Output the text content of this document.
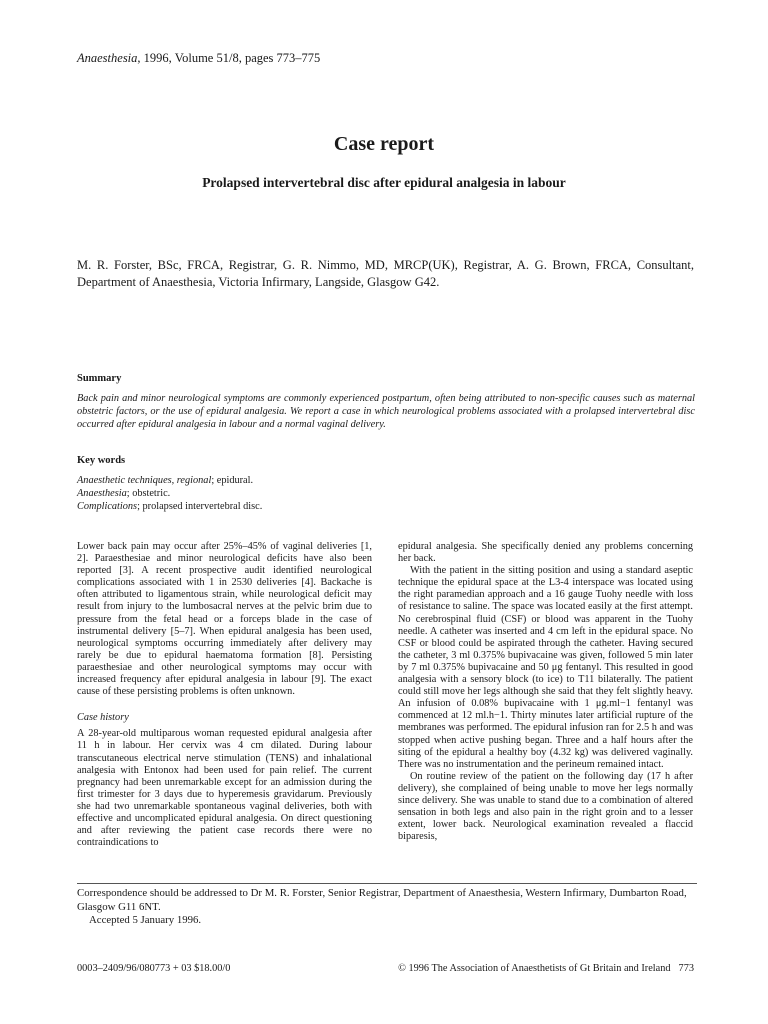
Anaesthesia, 1996, Volume 51/8, pages 773–775
Case report
Prolapsed intervertebral disc after epidural analgesia in labour
M. R. Forster, BSc, FRCA, Registrar, G. R. Nimmo, MD, MRCP(UK), Registrar, A. G. Brown, FRCA, Consultant, Department of Anaesthesia, Victoria Infirmary, Langside, Glasgow G42.
Summary
Back pain and minor neurological symptoms are commonly experienced postpartum, often being attributed to non-specific causes such as maternal obstetric factors, or the use of epidural analgesia. We report a case in which neurological problems associated with a prolapsed intervertebral disc occurred after epidural analgesia in labour and a normal vaginal delivery.
Key words
Anaesthetic techniques, regional; epidural.
Anaesthesia; obstetric.
Complications; prolapsed intervertebral disc.

Lower back pain may occur after 25%–45% of vaginal deliveries [1, 2]. Paraesthesiae and minor neurological deficits have also been reported [3]. A recent prospective audit identified neurological complications associated with 1 in 2530 deliveries [4]. Backache is often attributed to ligamentous strain, while neurological deficit may result from injury to the lumbosacral nerves at the pelvic brim due to pressure from the fetal head or a forceps blade in the case of instrumental delivery [5–7]. When epidural analgesia has been used, neurological symptoms occurring immediately after delivery may rarely be due to epidural haematoma formation [8]. Persisting paraesthesiae and other neurological symptoms may occur with increased frequency after epidural analgesia in labour [9]. The exact cause of these persisting problems is often unknown.

Case history

A 28-year-old multiparous woman requested epidural analgesia after 11 h in labour. Her cervix was 4 cm dilated. During labour transcutaneous electrical nerve stimulation (TENS) and inhalational analgesia with Entonox had been used for pain relief. The current pregnancy had been unremarkable except for an admission during the first trimester for 3 days due to hyperemesis gravidarum. Previously she had two unremarkable spontaneous vaginal deliveries, both with effective and uncomplicated epidural analgesia. On direct questioning and after reviewing the patient case records there were no contraindications to

epidural analgesia. She specifically denied any problems concerning her back.

With the patient in the sitting position and using a standard aseptic technique the epidural space at the L3-4 interspace was located using the right paramedian approach and a 16 gauge Tuohy needle with loss of resistance to saline. The space was located easily at the first attempt. No cerebrospinal fluid (CSF) or blood was apparent in the Tuohy needle. A catheter was inserted and 4 cm left in the epidural space. No CSF or blood could be aspirated through the catheter. Having secured the catheter, 3 ml 0.375% bupivacaine was given, followed 5 min later by 7 ml 0.375% bupivacaine and 50 μg fentanyl. This resulted in good analgesia with a sensory block (to ice) to T11 bilaterally. The patient could still move her legs although she said that they felt slightly heavy. An infusion of 0.08% bupivacaine with 1 μg.ml−1 fentanyl was commenced at 12 ml.h−1. Thirty minutes later artificial rupture of the membranes was performed. The epidural infusion ran for 2.5 h and was stopped when active pushing began. Three and a half hours after the siting of the epidural a healthy boy (4.32 kg) was delivered vaginally. There was no instrumentation and the perineum remained intact.

On routine review of the patient on the following day (17 h after delivery), she complained of being unable to move her legs normally since delivery. She was unable to stand due to a combination of altered sensation in both legs and also pain in the right groin and to a lesser extent, lower back. Neurological examination revealed a flaccid biparesis,

Correspondence should be addressed to Dr M. R. Forster, Senior Registrar, Department of Anaesthesia, Western Infirmary, Dumbarton Road, Glasgow G11 6NT.

Accepted 5 January 1996.

0003–2409/96/080773 + 03 $18.00/0	© 1996 The Association of Anaesthetists of Gt Britain and Ireland 773
